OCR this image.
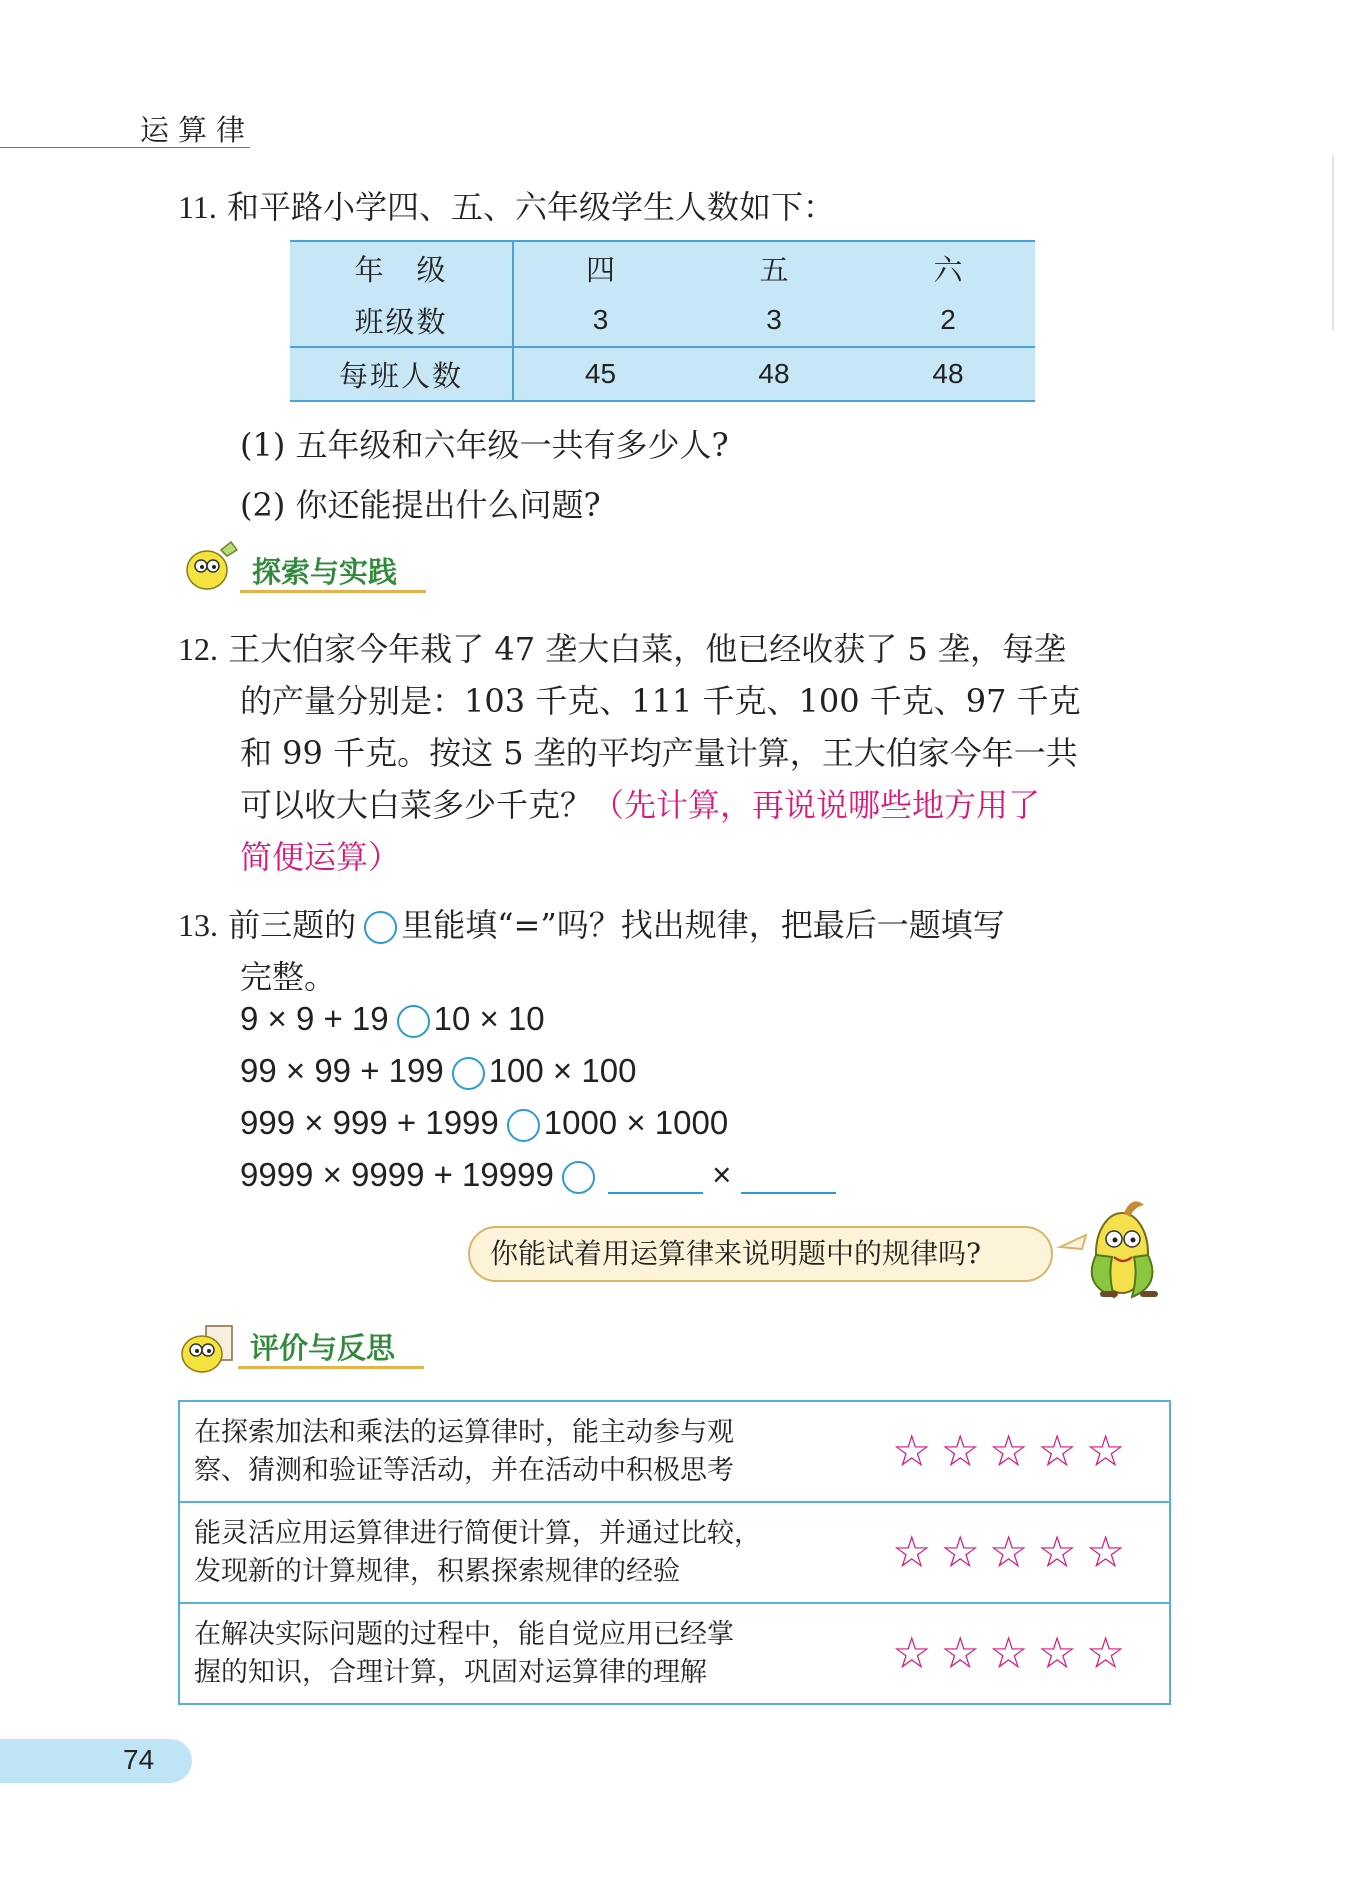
运算律
11. 和平路小学四、五、六年级学生人数如下：
年　级	四	五	六
班级数	3	3	2
每班人数	45	48	48
(1) 五年级和六年级一共有多少人?
(2) 你还能提出什么问题?
探索与实践
12. 王大伯家今年栽了 47 垄大白菜，他已经收获了 5 垄，每垄
的产量分别是：103 千克、111 千克、100 千克、97 千克
和 99 千克。按这 5 垄的平均产量计算，王大伯家今年一共
可以收大白菜多少千克？（先计算，再说说哪些地方用了
简便运算）
13. 前三题的 里能填“=”吗？找出规律，把最后一题填写
完整。
9 × 9 + 19 10 × 10
99 × 99 + 199 100 × 100
999 × 999 + 1999 1000 × 1000
9999 × 9999 + 19999	×
你能试着用运算律来说明题中的规律吗?
评价与反思
在探索加法和乘法的运算律时，能主动参与观
察、猜测和验证等活动，并在活动中积极思考	☆ ☆ ☆ ☆ ☆

能灵活应用运算律进行简便计算，并通过比较，
发现新的计算规律，积累探索规律的经验	☆ ☆ ☆ ☆ ☆

在解决实际问题的过程中，能自觉应用已经掌
握的知识，合理计算，巩固对运算律的理解	☆ ☆ ☆ ☆ ☆
74
